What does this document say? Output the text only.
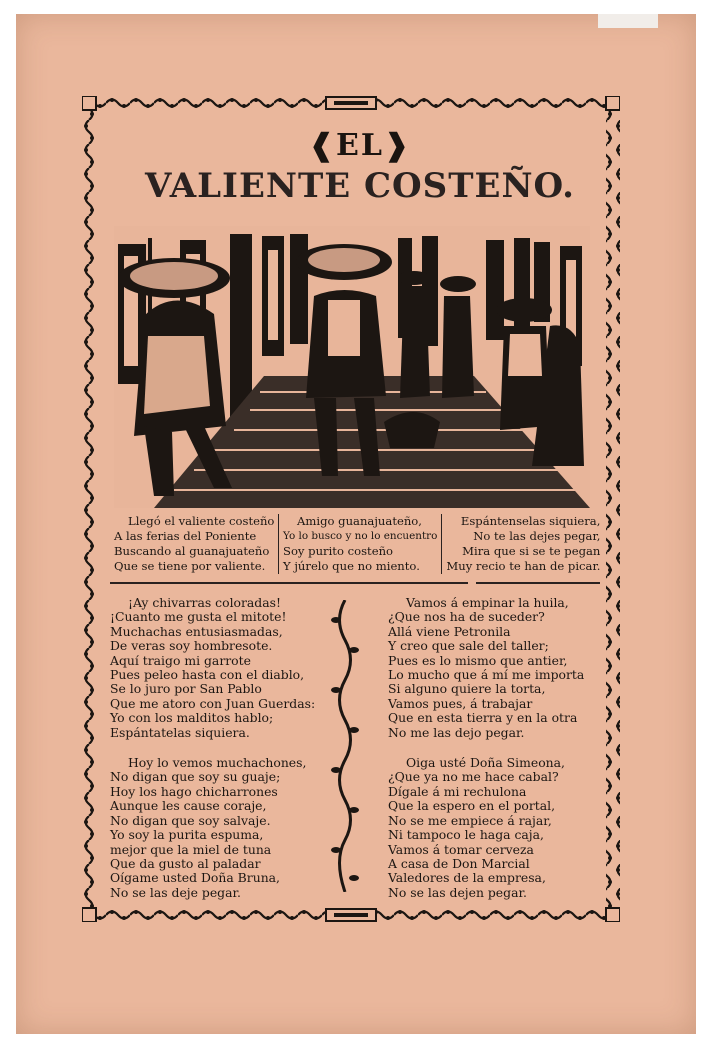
❰EL❱
VALIENTE COSTEÑO.
Llegó el valiente costeño
A las ferias del Poniente
Buscando al guanajuateño
Que se tiene por valiente.
Amigo guanajuateño,
Yo lo busco y no lo encuentro
Soy purito costeño
Y júrelo que no miento.
Espántenselas siquiera,
No te las dejes pegar,
Mira que si se te pegan
Muy recio te han de picar.
¡Ay chivarras coloradas!
¡Cuanto me gusta el mitote!
Muchachas entusiasmadas,
De veras soy hombresote.
Aquí traigo mi garrote
Pues peleo hasta con el diablo,
Se lo juro por San Pablo
Que me atoro con Juan Guerdas:
Yo con los malditos hablo;
Espántatelas siquiera.
Hoy lo vemos muchachones,
No digan que soy su guaje;
Hoy los hago chicharrones
Aunque les cause coraje,
No digan que soy salvaje.
Yo soy la purita espuma,
mejor que la miel de tuna
Que da gusto al paladar
Oígame usted Doña Bruna,
No se las deje pegar.
Vamos á empinar la huila,
¿Que nos ha de suceder?
Allá viene Petronila
Y creo que sale del taller;
Pues es lo mismo que antier,
Lo mucho que á mí me importa
Si alguno quiere la torta,
Vamos pues, á trabajar
Que en esta tierra y en la otra
No me las dejo pegar.
Oiga usté Doña Simeona,
¿Que ya no me hace cabal?
Dígale á mi rechulona
Que la espero en el portal,
No se me empiece á rajar,
Ni tampoco le haga caja,
Vamos á tomar cerveza
A casa de Don Marcial
Valedores de la empresa,
No se las dejen pegar.
